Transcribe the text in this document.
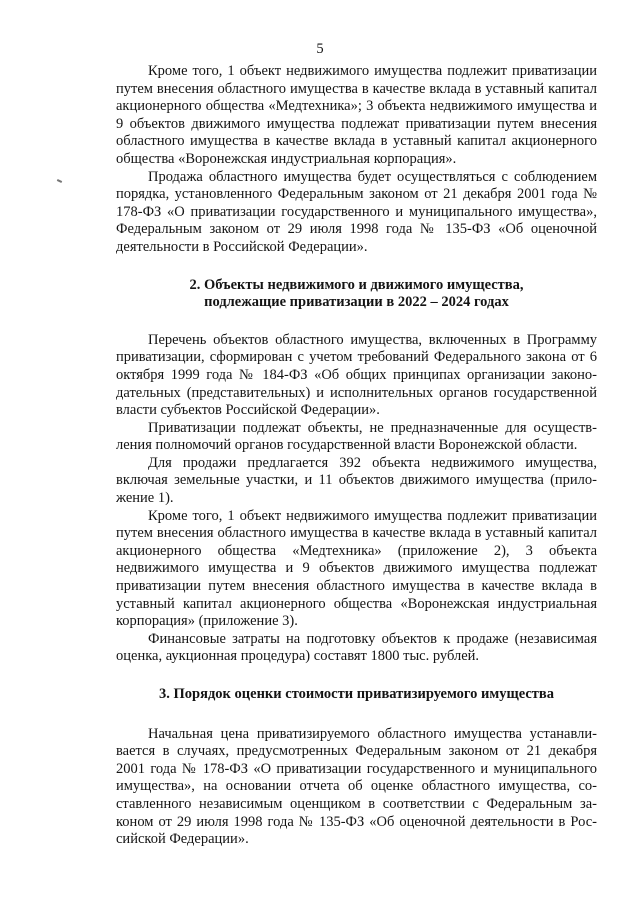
5

Кроме того, 1 объект недвижимого имущества подлежит приватизации путем внесения областного имущества в качестве вклада в уставный капитал акционерного общества «Медтехника»; 3 объекта недвижимого имущества и 9 объектов движимого имущества подлежат приватизации путем внесения областного имущества в качестве вклада в уставный капитал акционерного общества «Воронежская индустриальная корпорация».

Продажа областного имущества будет осуществляться с соблюдением порядка, установленного Федеральным законом от 21 декабря 2001 года № 178-ФЗ «О приватизации государственного и муниципального имущества», Федеральным законом от 29 июля 1998 года № 135-ФЗ «Об оценочной деятельности в Российской Федерации».

2. Объекты недвижимого и движимого имущества,
подлежащие приватизации в 2022 – 2024 годах

Перечень объектов областного имущества, включенных в Программу приватизации, сформирован с учетом требований Федерального закона от 6 октября 1999 года № 184-ФЗ «Об общих принципах организации законодательных (представительных) и исполнительных органов государственной власти субъектов Российской Федерации».

Приватизации подлежат объекты, не предназначенные для осуществления полномочий органов государственной власти Воронежской области.

Для продажи предлагается 392 объекта недвижимого имущества, включая земельные участки, и 11 объектов движимого имущества (приложение 1).

Кроме того, 1 объект недвижимого имущества подлежит приватизации путем внесения областного имущества в качестве вклада в уставный капитал акционерного общества «Медтехника» (приложение 2), 3 объекта недвижимого имущества и 9 объектов движимого имущества подлежат приватизации путем внесения областного имущества в качестве вклада в уставный капитал акционерного общества «Воронежская индустриальная корпорация» (приложение 3).

Финансовые затраты на подготовку объектов к продаже (независимая оценка, аукционная процедура) составят 1800 тыс. рублей.

3. Порядок оценки стоимости приватизируемого имущества

Начальная цена приватизируемого областного имущества устанавливается в случаях, предусмотренных Федеральным законом от 21 декабря 2001 года № 178-ФЗ «О приватизации государственного и муниципального имущества», на основании отчета об оценке областного имущества, составленного независимым оценщиком в соответствии с Федеральным законом от 29 июля 1998 года № 135-ФЗ «Об оценочной деятельности в Российской Федерации».
